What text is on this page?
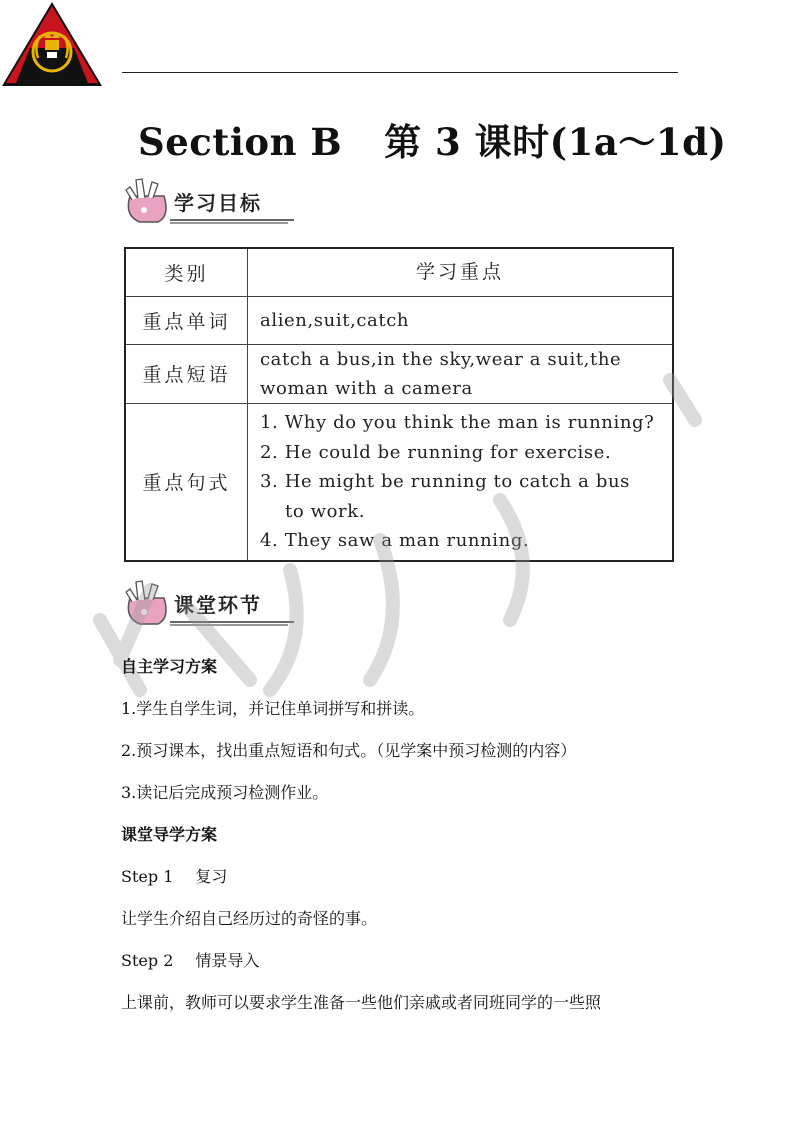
Section B 第 3 课时(1a～1d)
学习目标
类别	学习重点
重点单词	alien,suit,catch
重点短语	catch a bus,in the sky,wear a suit,the
woman with a camera

重点句式	1. Why do you think the man is running?
2. He could be running for exercise.
3. He might be running to catch a bus
to work.
4. They saw a man running.
课堂环节
自主学习方案
1.学生自学生词，并记住单词拼写和拼读。
2.预习课本，找出重点短语和句式。（见学案中预习检测的内容）
3.读记后完成预习检测作业。
课堂导学方案
Step 1 复习
让学生介绍自己经历过的奇怪的事。
Step 2 情景导入
上课前，教师可以要求学生准备一些他们亲戚或者同班同学的一些照
